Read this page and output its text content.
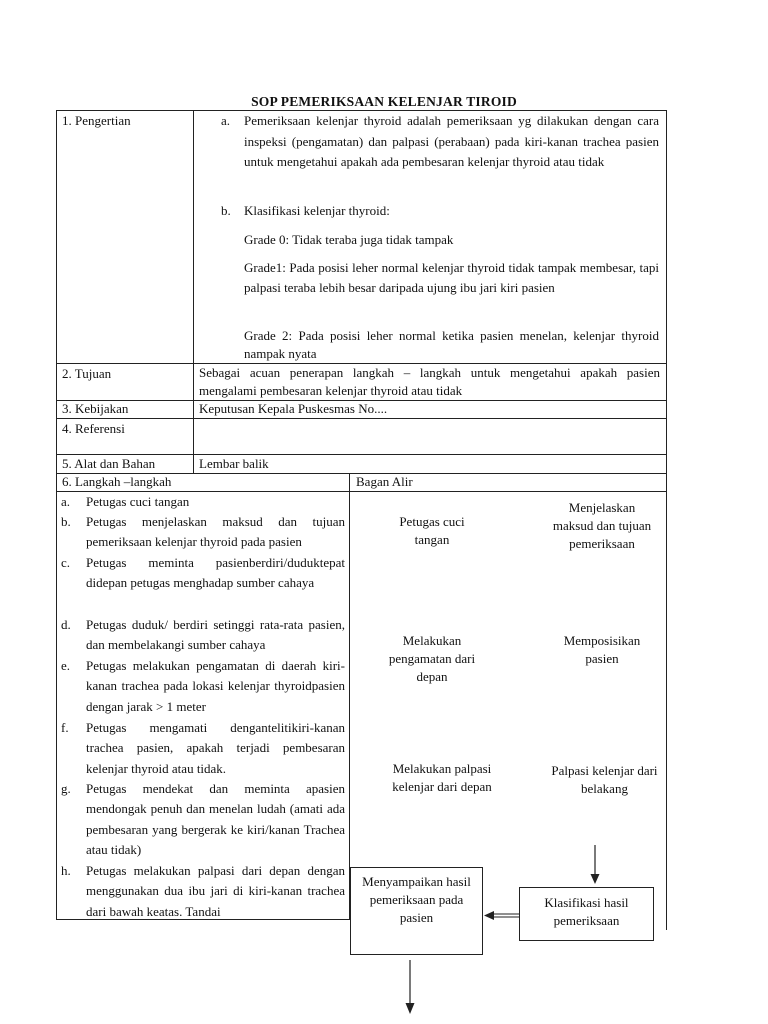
SOP PEMERIKSAAN KELENJAR TIROID
1. Pengertian	a. Pemeriksaan kelenjar thyroid adalah pemeriksaan yg dilakukan dengan cara inspeksi (pengamatan) dan palpasi (perabaan) pada kiri-kanan trachea pasien untuk mengetahui apakah ada pembesaran kelenjar thyroid atau tidak
b. Klasifikasi kelenjar thyroid:
Grade 0: Tidak teraba juga tidak tampak
Grade1: Pada posisi leher normal kelenjar thyroid tidak tampak membesar, tapi palpasi teraba lebih besar daripada ujung ibu jari kiri pasien
Grade 2: Pada posisi leher normal ketika pasien menelan, kelenjar thyroid nampak nyata
2. Tujuan	Sebagai acuan penerapan langkah – langkah untuk mengetahui apakah pasien mengalami pembesaran kelenjar thyroid atau tidak
3. Kebijakan	Keputusan Kepala Puskesmas No....
4. Referensi
5. Alat dan Bahan	Lembar balik
6. Langkah –langkah	Bagan Alir
a. Petugas cuci tangan
b. Petugas menjelaskan maksud dan tujuan pemeriksaan kelenjar thyroid pada pasien
c. Petugas meminta pasienberdiri/duduktepat didepan petugas menghadap sumber cahaya
d. Petugas duduk/ berdiri setinggi rata-rata pasien, dan membelakangi sumber cahaya
e. Petugas melakukan pengamatan di daerah kiri-kanan trachea pada lokasi kelenjar thyroidpasien dengan jarak > 1 meter
f. Petugas mengamati dengantelitikiri-kanan trachea pasien, apakah terjadi pembesaran kelenjar thyroid atau tidak.
g. Petugas mendekat dan meminta apasien mendongak penuh dan menelan ludah (amati ada pembesaran yang bergerak ke kiri/kanan Trachea atau tidak)
h. Petugas melakukan palpasi dari depan dengan menggunakan dua ibu jari di kiri-kanan trachea dari bawah keatas. Tandai
Petugas cuci tangan
Menjelaskan maksud dan tujuan pemeriksaan
Melakukan pengamatan dari depan
Memposisikan pasien
Melakukan palpasi kelenjar dari depan
Palpasi kelenjar dari belakang
Menyampaikan hasil pemeriksaan pada pasien
Klasifikasi hasil pemeriksaan
